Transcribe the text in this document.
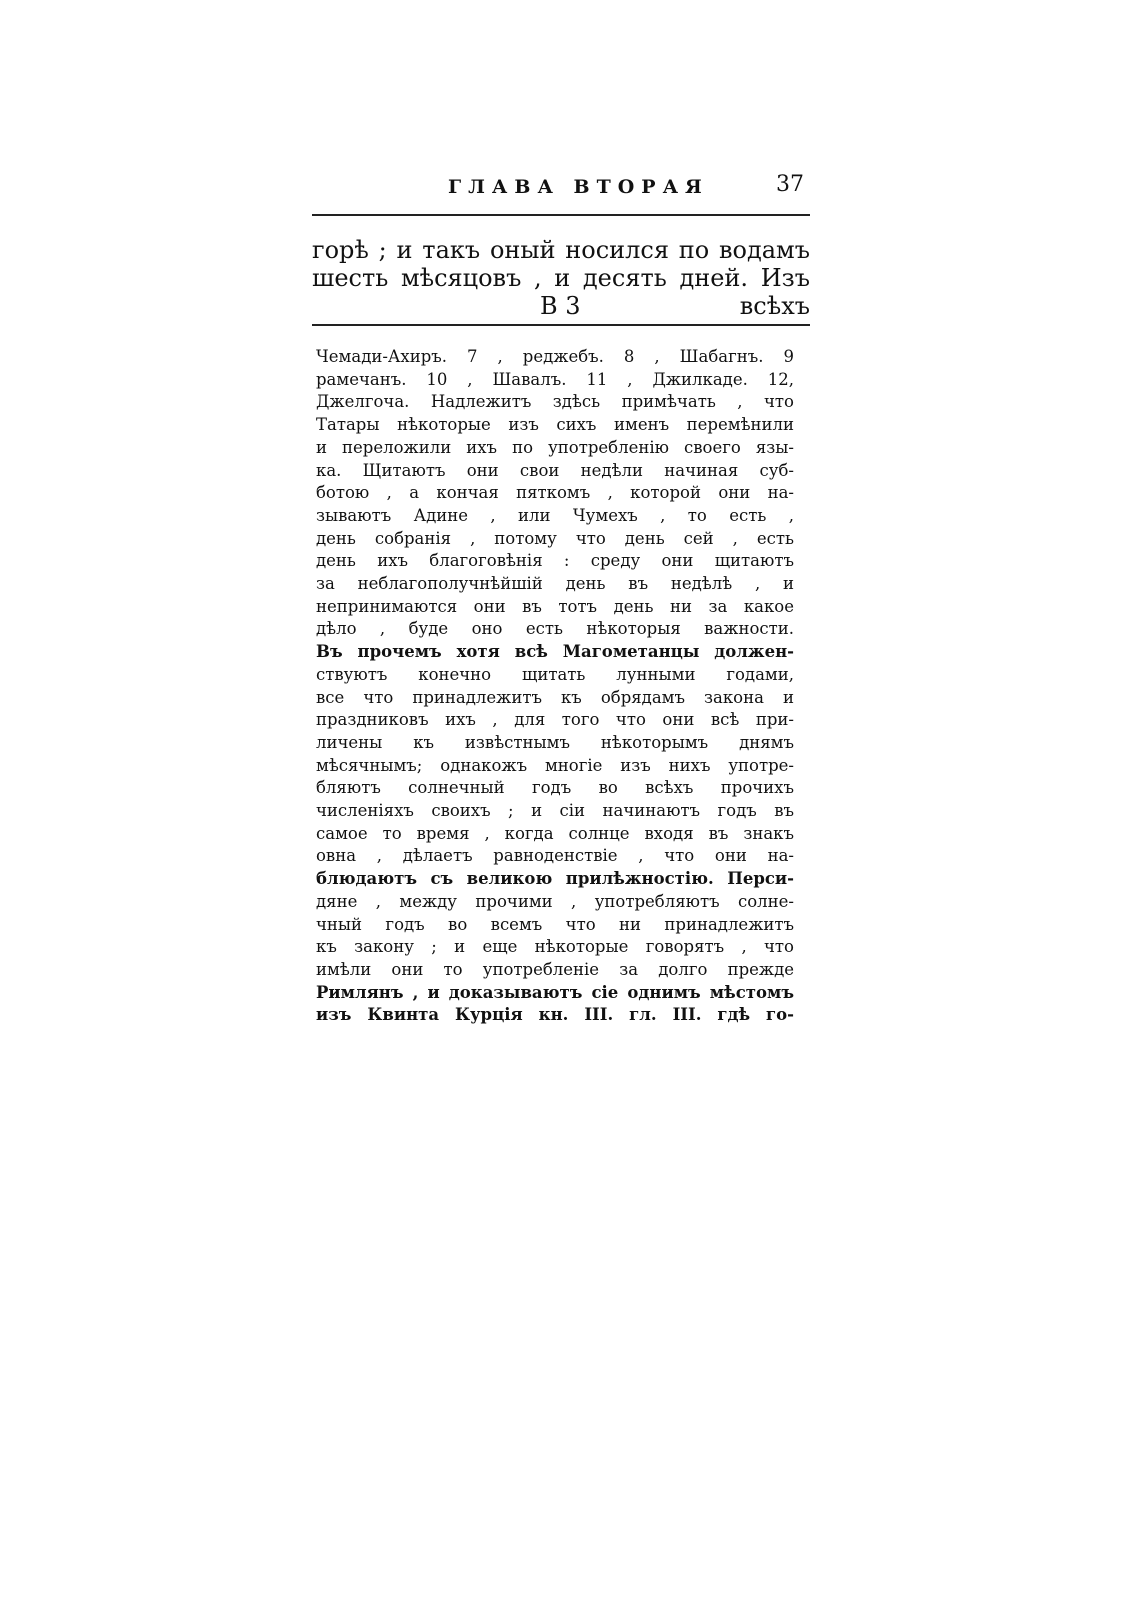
ГЛАВА ВТОРАЯ	37
горѣ ; и такъ оный носился по водамъ
шесть мѣсяцовъ , и десять дней. Изъ
B 3	всѣхъ

Чемади-Ахиръ. 7 , реджебъ. 8 , Шабагнъ. 9
рамечанъ. 10 , Шавалъ. 11 , Джилкаде. 12,
Джелгоча. Надлежитъ здѣсь примѣчать , что
Татары нѣкоторые изъ сихъ именъ перемѣнили
и переложили ихъ по употребленію своего язы-
ка. Щитаютъ они свои недѣли начиная суб-
ботою , а кончая пяткомъ , которой они на-
зываютъ Адине , или Чумехъ , то есть ,
день собранія , потому что день сей , есть
день ихъ благоговѣнія : среду они щитаютъ
за неблагополучнѣйшій день въ недѣлѣ , и
непринимаются они въ тотъ день ни за какое
дѣло , буде оно есть нѣкоторыя важности.
Въ прочемъ хотя всѣ Магометанцы должен-
ствуютъ конечно щитать лунными годами,
все что принадлежитъ къ обрядамъ закона и
праздниковъ ихъ , для того что они всѣ при-
личены къ извѣстнымъ нѣкоторымъ днямъ
мѣсячнымъ; однакожъ многіе изъ нихъ употре-
бляютъ солнечный годъ во всѣхъ прочихъ
численіяхъ своихъ ; и сіи начинаютъ годъ въ
самое то время , когда солнце входя въ знакъ
овна , дѣлаетъ равноденствіе , что они на-
блюдаютъ съ великою прилѣжностію. Перси-
дяне , между прочими , употребляютъ солне-
чный годъ во всемъ что ни принадлежитъ
къ закону ; и еще нѣкоторые говорятъ , что
имѣли они то употребленіе за долго прежде
Римлянъ , и доказываютъ сіе однимъ мѣстомъ
изъ Квинта Курція кн. III. гл. III. гдѣ го-
